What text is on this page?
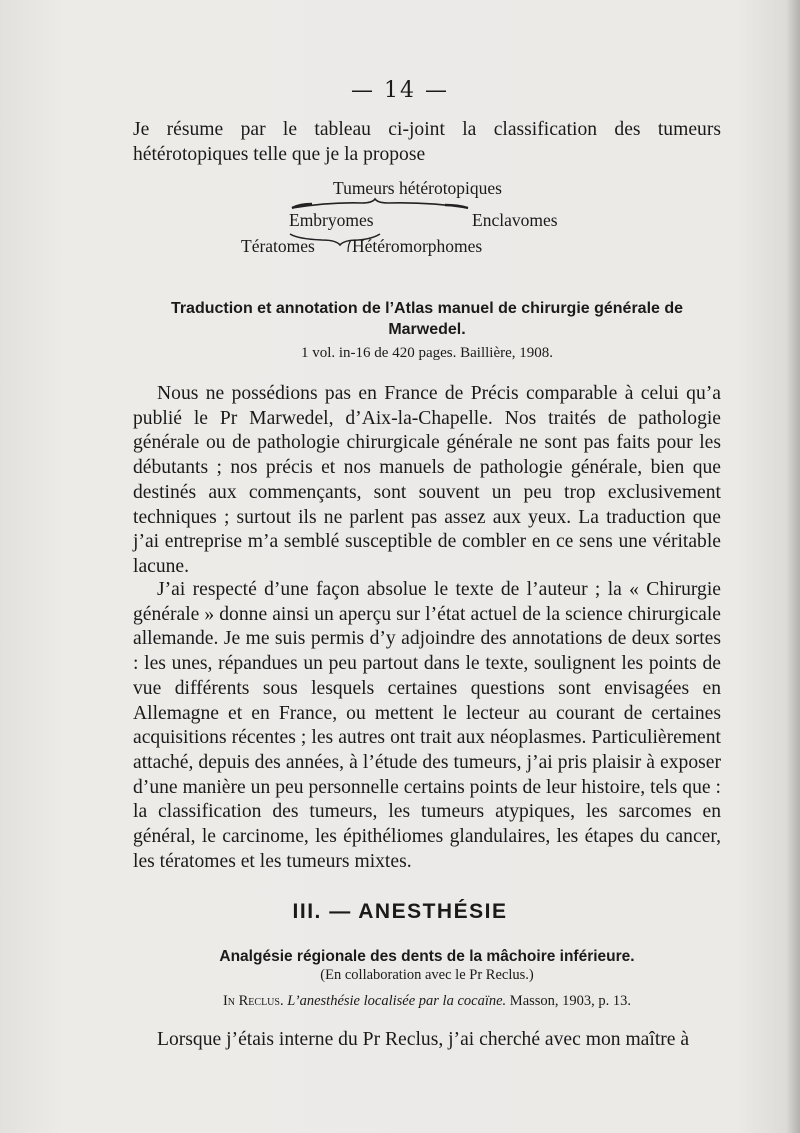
— 14 —
Je résume par le tableau ci-joint la classification des tumeurs hétérotopiques telle que je la propose
Tumeurs hétérotopiques
Embryomes	Enclavomes
Tératomes Hétéromorphomes
Traduction et annotation de l’Atlas manuel de chirurgie générale de Marwedel.
1 vol. in-16 de 420 pages. Baillière, 1908.
Nous ne possédions pas en France de Précis comparable à celui qu’a publié le Pr Marwedel, d’Aix-la-Chapelle. Nos traités de pathologie générale ou de pathologie chirurgicale générale ne sont pas faits pour les débutants ; nos précis et nos manuels de pathologie générale, bien que destinés aux commençants, sont souvent un peu trop exclusivement techniques ; surtout ils ne parlent pas assez aux yeux. La traduction que j’ai entreprise m’a semblé susceptible de combler en ce sens une véritable lacune.
J’ai respecté d’une façon absolue le texte de l’auteur ; la « Chirurgie générale » donne ainsi un aperçu sur l’état actuel de la science chirurgicale allemande. Je me suis permis d’y adjoindre des annotations de deux sortes : les unes, répandues un peu partout dans le texte, soulignent les points de vue différents sous lesquels certaines questions sont envisagées en Allemagne et en France, ou mettent le lecteur au courant de certaines acquisitions récentes ; les autres ont trait aux néoplasmes. Particulièrement attaché, depuis des années, à l’étude des tumeurs, j’ai pris plaisir à exposer d’une manière un peu personnelle certains points de leur histoire, tels que : la classification des tumeurs, les tumeurs atypiques, les sarcomes en général, le carcinome, les épithéliomes glandulaires, les étapes du cancer, les tératomes et les tumeurs mixtes.
III. — ANESTHÉSIE
Analgésie régionale des dents de la mâchoire inférieure.
(En collaboration avec le Pr Reclus.)
In Reclus. L’anesthésie localisée par la cocaïne. Masson, 1903, p. 13.
Lorsque j’étais interne du Pr Reclus, j’ai cherché avec mon maître à
